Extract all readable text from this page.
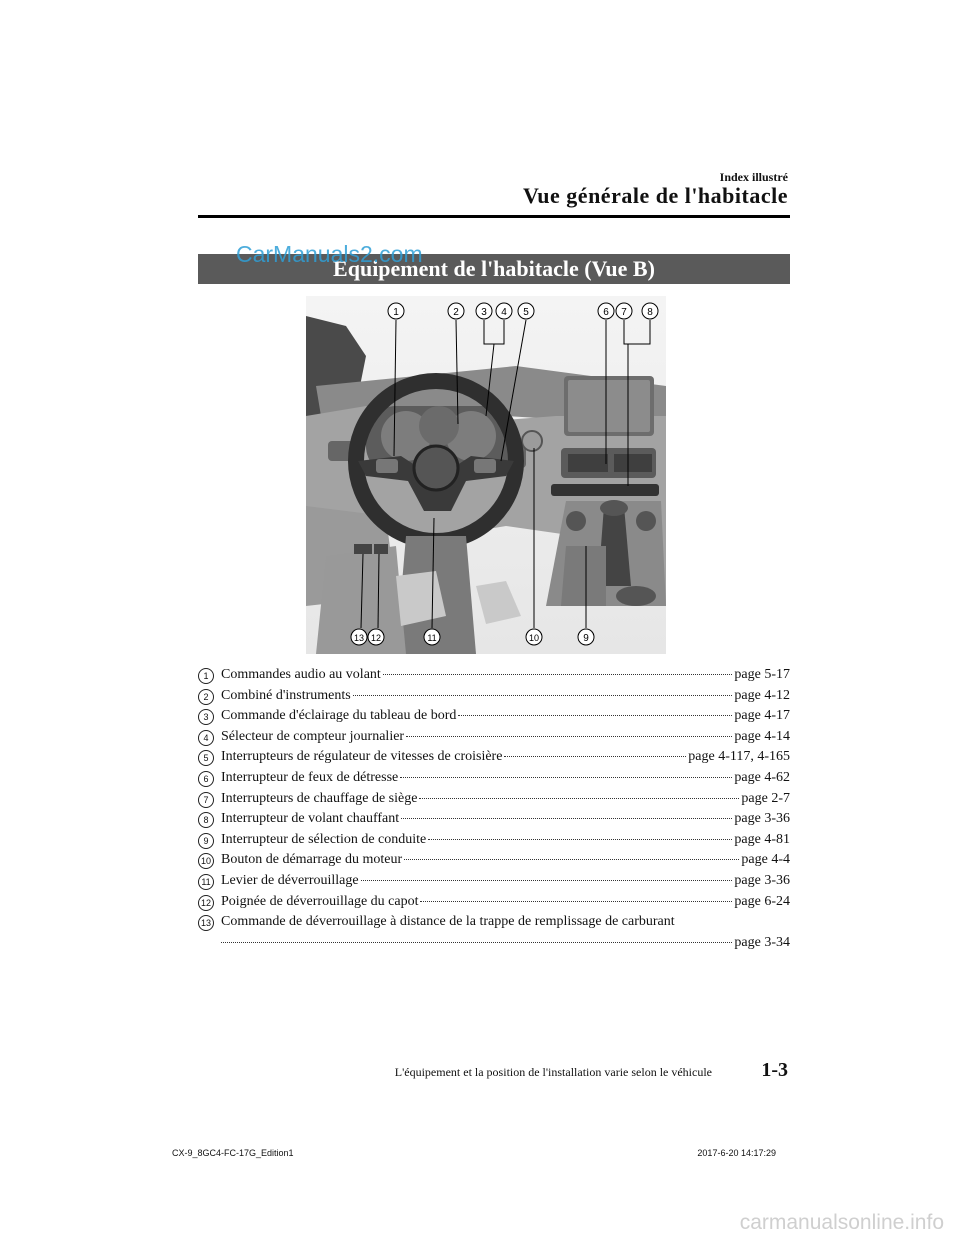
Index illustré
Vue générale de l'habitacle
CarManuals2.com
Equipement de l'habitacle (Vue B)
1	2 3 4 5	6 7 8
13 12	11	10	9
1 Commandes audio au volant	page 5-17
2 Combiné d'instruments	page 4-12
3 Commande d'éclairage du tableau de bord	page 4-17
4 Sélecteur de compteur journalier	page 4-14
5 Interrupteurs de régulateur de vitesses de croisière	page 4-117, 4-165
6 Interrupteur de feux de détresse	page 4-62
7 Interrupteurs de chauffage de siège	page 2-7
8 Interrupteur de volant chauffant	page 3-36
9 Interrupteur de sélection de conduite	page 4-81
10 Bouton de démarrage du moteur	page 4-4
11 Levier de déverrouillage	page 3-36
12 Poignée de déverrouillage du capot	page 6-24
13 Commande de déverrouillage à distance de la trappe de remplissage de carburant
page 3-34
L'équipement et la position de l'installation varie selon le véhicule 1-3
CX-9_8GC4-FC-17G_Edition1	2017-6-20 14:17:29
carmanualsonline.info
